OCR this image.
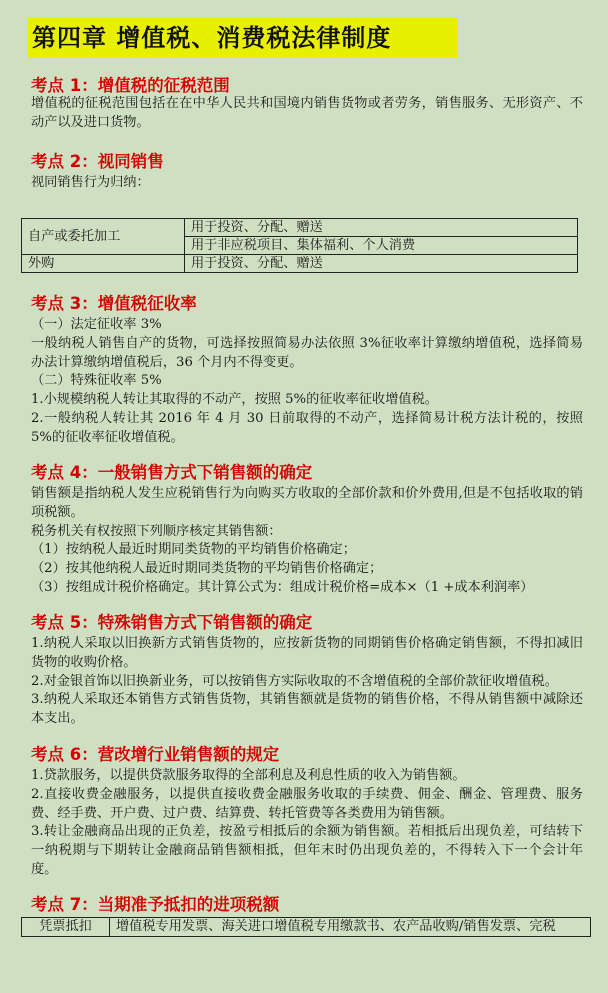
第四章 增值税、消费税法律制度
考点 1：增值税的征税范围
增值税的征税范围包括在在中华人民共和国境内销售货物或者劳务，销售服务、无形资产、不动产以及进口货物。
考点 2：视同销售
视同销售行为归纳：
自产或委托加工	用于投资、分配、赠送
	用于非应税项目、集体福利、个人消费
外购	用于投资、分配、赠送
考点 3：增值税征收率
（一）法定征收率 3%
一般纳税人销售自产的货物，可选择按照简易办法依照 3%征收率计算缴纳增值税，选择简易办法计算缴纳增值税后，36 个月内不得变更。
（二）特殊征收率 5%
1.小规模纳税人转让其取得的不动产，按照 5%的征收率征收增值税。
2.一般纳税人转让其 2016 年 4 月 30 日前取得的不动产，选择简易计税方法计税的，按照 5%的征收率征收增值税。
考点 4：一般销售方式下销售额的确定
销售额是指纳税人发生应税销售行为向购买方收取的全部价款和价外费用,但是不包括收取的销项税额。
税务机关有权按照下列顺序核定其销售额：
（1）按纳税人最近时期同类货物的平均销售价格确定；
（2）按其他纳税人最近时期同类货物的平均销售价格确定；
（3）按组成计税价格确定。其计算公式为：组成计税价格=成本×（1 +成本利润率）
考点 5：特殊销售方式下销售额的确定
1.纳税人采取以旧换新方式销售货物的，应按新货物的同期销售价格确定销售额，不得扣减旧货物的收购价格。
2.对金银首饰以旧换新业务，可以按销售方实际收取的不含增值税的全部价款征收增值税。
3.纳税人采取还本销售方式销售货物，其销售额就是货物的销售价格，不得从销售额中减除还本支出。
考点 6：营改增行业销售额的规定
1.贷款服务，以提供贷款服务取得的全部利息及利息性质的收入为销售额。
2.直接收费金融服务，以提供直接收费金融服务收取的手续费、佣金、酬金、管理费、服务费、经手费、开户费、过户费、结算费、转托管费等各类费用为销售额。
3.转让金融商品出现的正负差，按盈亏相抵后的余额为销售额。若相抵后出现负差，可结转下一纳税期与下期转让金融商品销售额相抵，但年末时仍出现负差的，不得转入下一个会计年度。
考点 7：当期准予抵扣的进项税额
凭票抵扣	增值税专用发票、海关进口增值税专用缴款书、农产品收购/销售发票、完税
